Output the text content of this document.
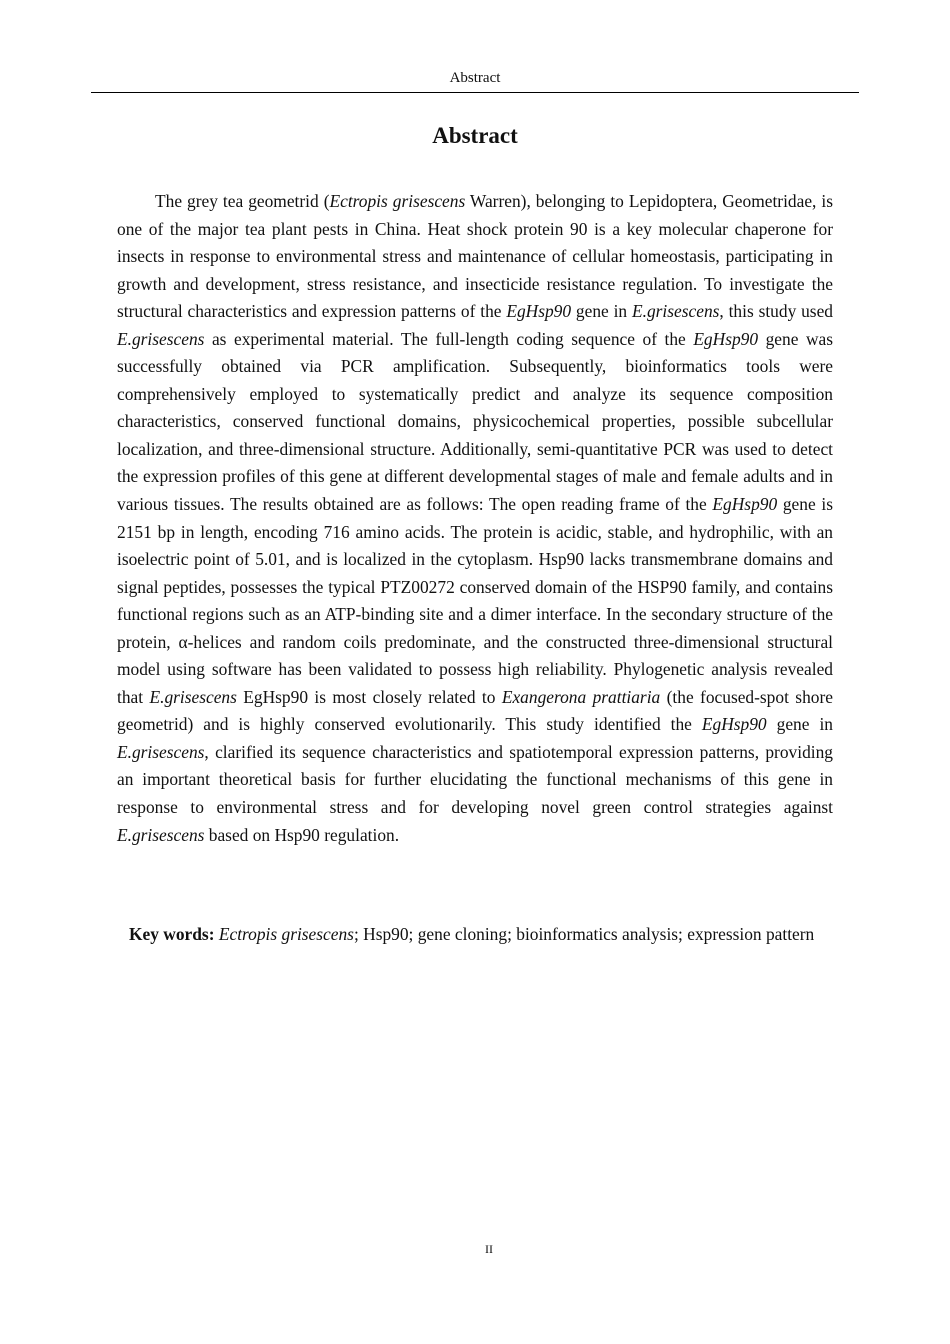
Abstract
Abstract

The grey tea geometrid (Ectropis grisescens Warren), belonging to Lepidoptera, Geometridae, is one of the major tea plant pests in China. Heat shock protein 90 is a key molecular chaperone for insects in response to environmental stress and maintenance of cellular homeostasis, participating in growth and development, stress resistance, and insecticide resistance regulation. To investigate the structural characteristics and expression patterns of the EgHsp90 gene in E.grisescens, this study used E.grisescens as experimental material. The full-length coding sequence of the EgHsp90 gene was successfully obtained via PCR amplification. Subsequently, bioinformatics tools were comprehensively employed to systematically predict and analyze its sequence composition characteristics, conserved functional domains, physicochemical properties, possible subcellular localization, and three-dimensional structure. Additionally, semi-quantitative PCR was used to detect the expression profiles of this gene at different developmental stages of male and female adults and in various tissues. The results obtained are as follows: The open reading frame of the EgHsp90 gene is 2151 bp in length, encoding 716 amino acids. The protein is acidic, stable, and hydrophilic, with an isoelectric point of 5.01, and is localized in the cytoplasm. Hsp90 lacks transmembrane domains and signal peptides, possesses the typical PTZ00272 conserved domain of the HSP90 family, and contains functional regions such as an ATP-binding site and a dimer interface. In the secondary structure of the protein, α-helices and random coils predominate, and the constructed three-dimensional structural model using software has been validated to possess high reliability. Phylogenetic analysis revealed that E.grisescens EgHsp90 is most closely related to Exangerona prattiaria (the focused-spot shore geometrid) and is highly conserved evolutionarily. This study identified the EgHsp90 gene in E.grisescens, clarified its sequence characteristics and spatiotemporal expression patterns, providing an important theoretical basis for further elucidating the functional mechanisms of this gene in response to environmental stress and for developing novel green control strategies against E.grisescens based on Hsp90 regulation.

Key words: Ectropis grisescens; Hsp90; gene cloning; bioinformatics analysis; expression pattern

II
